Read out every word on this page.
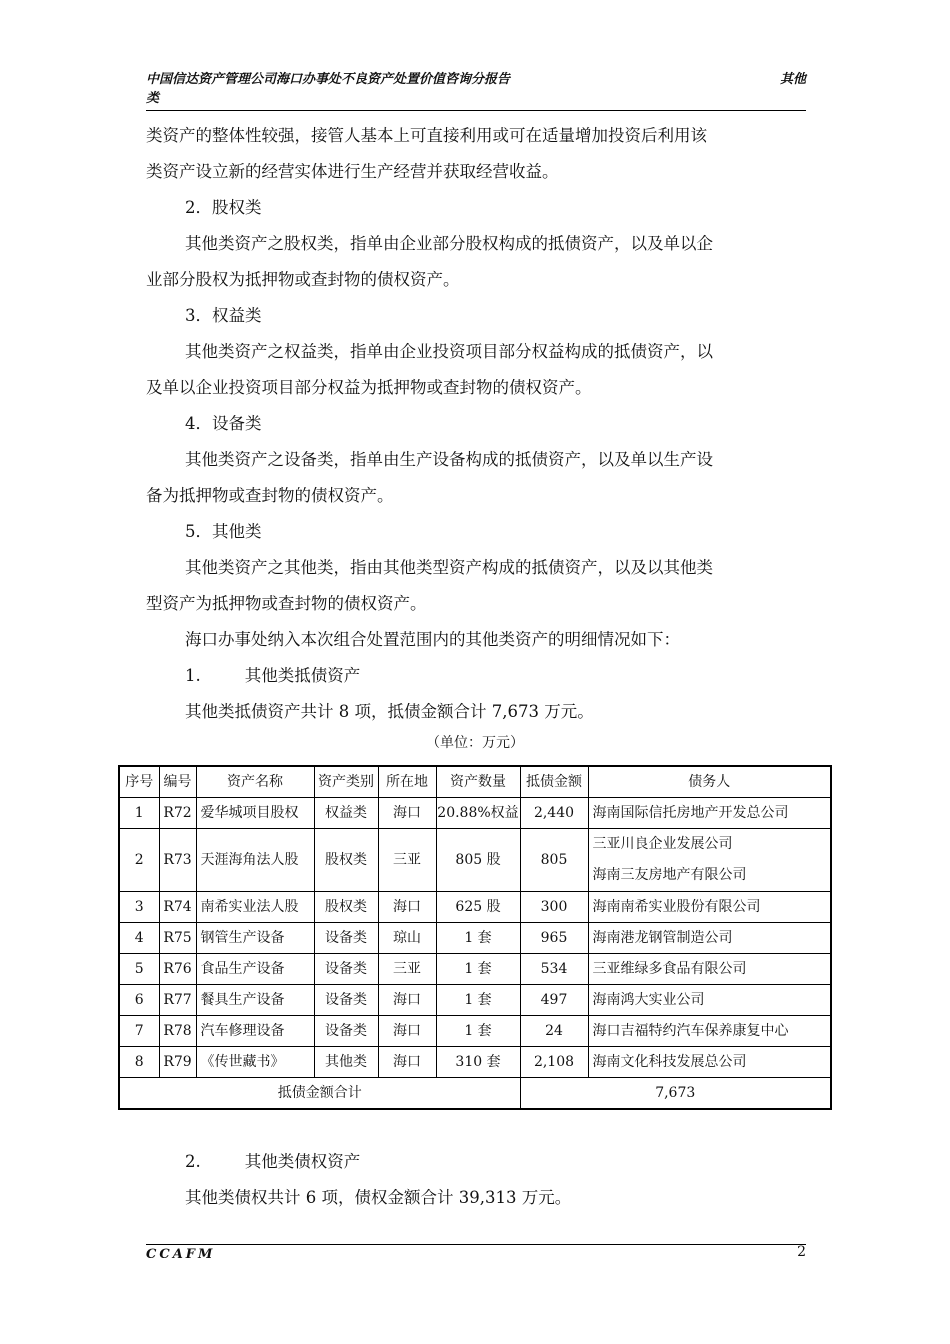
中国信达资产管理公司海口办事处不良资产处置价值咨询分报告	其他
类
类资产的整体性较强，接管人基本上可直接利用或可在适量增加投资后利用该
类资产设立新的经营实体进行生产经营并获取经营收益。
2．股权类
其他类资产之股权类，指单由企业部分股权构成的抵债资产，以及单以企
业部分股权为抵押物或查封物的债权资产。
3．权益类
其他类资产之权益类，指单由企业投资项目部分权益构成的抵债资产，以
及单以企业投资项目部分权益为抵押物或查封物的债权资产。
4．设备类
其他类资产之设备类，指单由生产设备构成的抵债资产，以及单以生产设
备为抵押物或查封物的债权资产。
5．其他类
其他类资产之其他类，指由其他类型资产构成的抵债资产，以及以其他类
型资产为抵押物或查封物的债权资产。
海口办事处纳入本次组合处置范围内的其他类资产的明细情况如下：
1.	其他类抵债资产
其他类抵债资产共计 8 项，抵债金额合计 7,673 万元。
（单位：万元）
序号	编号	资产名称	资产类别	所在地	资产数量	抵债金额	债务人
1	R72	爱华城项目股权	权益类	海口	20.88%权益	2,440	海南国际信托房地产开发总公司
2	R73	天涯海角法人股	股权类	三亚	805 股	805	三亚川良企业发展公司
海南三友房地产有限公司

3	R74	南希实业法人股	股权类	海口	625 股	300	海南南希实业股份有限公司
4	R75	钢管生产设备	设备类	琼山	1 套	965	海南港龙钢管制造公司
5	R76	食品生产设备	设备类	三亚	1 套	534	三亚维绿多食品有限公司
6	R77	餐具生产设备	设备类	海口	1 套	497	海南鸿大实业公司
7	R78	汽车修理设备	设备类	海口	1 套	24	海口吉福特约汽车保养康复中心
8	R79	《传世藏书》	其他类	海口	310 套	2,108	海南文化科技发展总公司
抵债金额合计						7,673	
2.	其他类债权资产
其他类债权共计 6 项，债权金额合计 39,313 万元。
CCAFM	2
